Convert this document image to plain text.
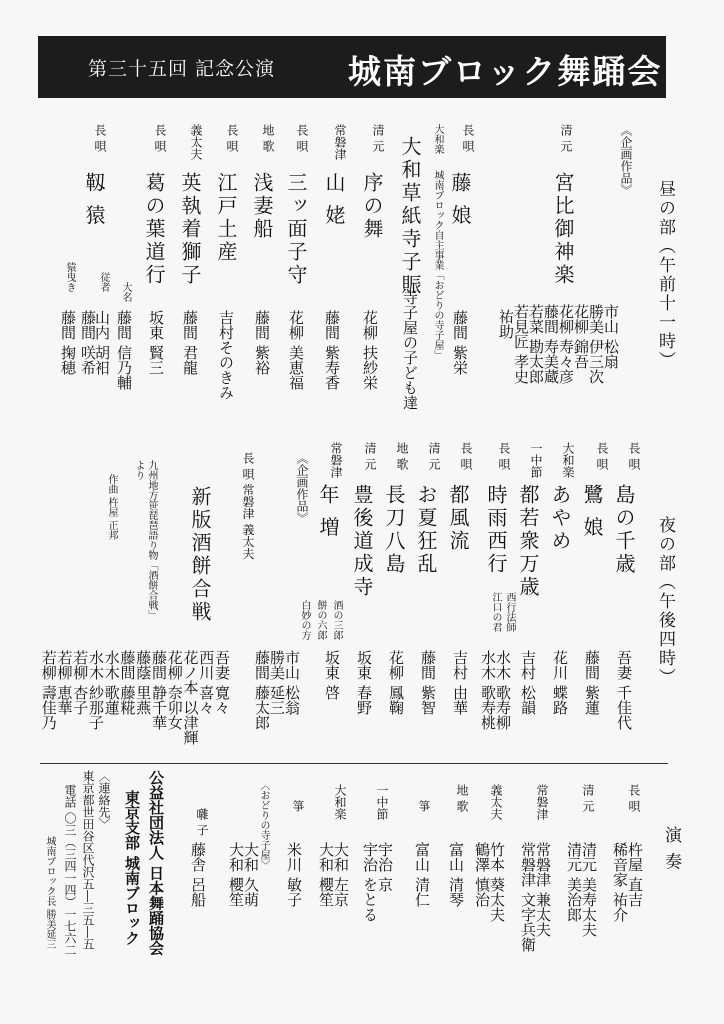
第三十五回 記念公演 城南ブロック舞踊会
昼の部（午前十一時）
《企画作品》
清 元
宮比御神楽
市山 松扇
勝美 伊三次
花柳 錦吾
花柳 寿々彦
藤間 寿美蔵
若菜 勘太郎
若見匠 孝史
祐助
長 唄
藤 娘
藤間 紫栄
大和楽
城南ブロック自主事業「おどりの寺子屋」
大和草紙寺子賑
寺子屋の子ども達
清 元
序の舞
花柳 扶紗栄
常磐津
山 姥
藤間 紫寿香
長 唄
三ッ面子守
花柳 美恵福
地 歌
浅妻船
藤間 紫裕
長 唄
江戸土産
吉村そのきみ
義太夫
英執着獅子
藤間 君龍
長 唄
葛の葉道行
坂東 賢三
長 唄
靱 猿
大名
従者
猿曳き
藤間 信乃輔
山内 胡衵
藤間 咲希
藤間 掬穂
夜の部（午後四時）
長 唄
島の千歳
吾妻 千佳代
長 唄
鷺 娘
藤間 紫蓮
大和楽
あやめ
花川 蝶路
一中節
都若衆万歳
吉村 松韻
長 唄
時雨西行
西行法師
江口の君
水木 歌寿柳
水木 歌寿桃
長 唄
都風流
吉村 由華
清 元
お夏狂乱
藤間 紫智
地 歌
長刀八島
花柳 鳳鞠
清 元
豊後道成寺
坂東 春野
常磐津
年 増
坂東 啓
《企画作品》
酒の三郎
餅の六郎
白妙の方
市山 松翁
勝美 延三
藤間 藤太郎
長 唄 常磐津 義太夫
新版酒餅合戦
九州地方笹琵琶語り物「酒餅合戦」より
作曲 杵屋 正邦
吾妻 寛々
西川 喜々
花ノ本 以津輝
花柳 奈卯女
藤間 静千華
藤蔭 里燕
藤間 藤糀
水木 歌蓮
水木 紗那子
若柳 杏子
若柳 恵華
若柳 壽佳乃
演 奏
長 唄
杵屋 直吉
稀音家 祐介
清 元
清元 美寿太夫
清元 美治郎
常磐津
常磐津 兼太夫
常磐津 文字兵衛
義太夫
竹本 葵太夫
鶴澤 慎治
地 歌
富山 清琴
箏
富山 清仁
一中節
宇治 京
宇治 をとる
大和楽
大和 左京
大和 櫻笙
箏
米川 敏子
〈おどりの寺子屋〉
大和 久萌
大和 櫻笙
囃 子
藤舎 呂船
公益社団法人 日本舞踊協会
東京支部 城南ブロック
〈連絡先〉
東京都世田谷区代沢五―三五―五
電話 〇三（三四一四）一七六二
城南ブロック長 勝美延三
